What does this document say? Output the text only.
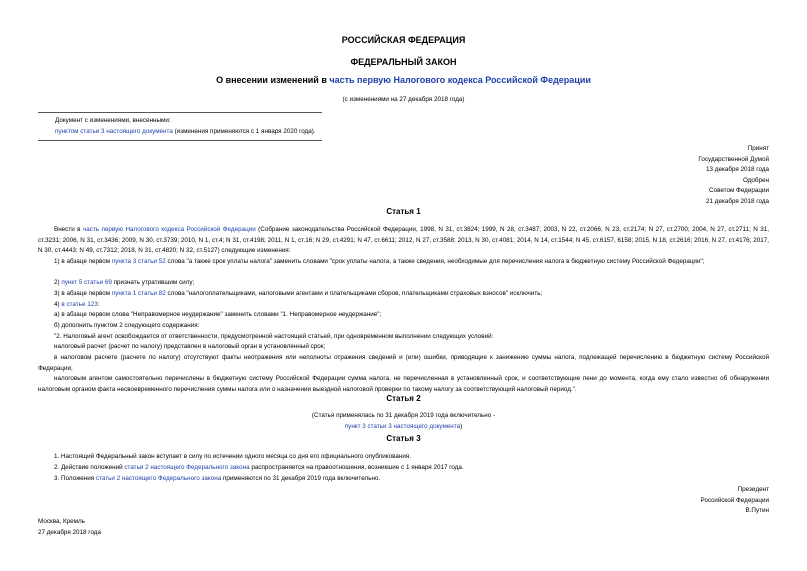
РОССИЙСКАЯ ФЕДЕРАЦИЯ
ФЕДЕРАЛЬНЫЙ ЗАКОН
О внесении изменений в часть первую Налогового кодекса Российской Федерации
(с изменениями на 27 декабря 2018 года)
Документ с изменениями, внесенными:
пунктом статьи 3 настоящего документа (изменения применяются с 1 января 2020 года).
Принят
Государственной Думой
13 декабря 2018 года
Одобрен
Советом Федерации
21 декабря 2018 года
Статья 1
Внести в часть первую Налогового кодекса Российской Федерации (Собрание законодательства Российской Федерации, 1998, N 31, ст.3824; 1999, N 28, ст.3487; 2003, N 22, ст.2066; N 23, ст.2174; N 27, ст.2700; 2004, N 27, ст.2711; N 31, ст.3231; 2006, N 31, ст.3436; 2009, N 30, ст.3739; 2010, N 1, ст.4; N 31, ст.4198; 2011, N 1, ст.16; N 29, ст.4291; N 47, ст.6611; 2012, N 27, ст.3588; 2013, N 30, ст.4081; 2014, N 14, ст.1544; N 45, ст.6157, 6158; 2015, N 18, ст.2616; 2016, N 27, ст.4176; 2017, N 30, ст.4443; N 49, ст.7312; 2018, N 31, ст.4820; N 32, ст.5127) следующие изменения:
1) в абзаце первом пункта 3 статьи 52 слова "а также срок уплаты налога" заменить словами "срок уплаты налога, а также сведения, необходимые для перечисления налога в бюджетную систему Российской Федерации";
2) пункт 5 статьи 69 признать утратившим силу;
3) в абзаце первом пункта 1 статьи 82 слова "налогоплательщиками, налоговыми агентами и плательщиками сборов, плательщиками страховых взносов" исключить;
4) в статье 123:
а) в абзаце первом слова "Неправомерное неудержание" заменить словами "1. Неправомерное неудержание";
б) дополнить пунктом 2 следующего содержания:
"2. Налоговый агент освобождается от ответственности, предусмотренной настоящей статьей, при одновременном выполнении следующих условий:
налоговый расчет (расчет по налогу) представлен в налоговый орган в установленный срок;
в налоговом расчете (расчете по налогу) отсутствуют факты неотражения или неполноты отражения сведений и (или) ошибки, приводящие к занижению суммы налога, подлежащей перечислению в бюджетную систему Российской Федерации;
налоговым агентом самостоятельно перечислены в бюджетную систему Российской Федерации сумма налога, не перечисленная в установленный срок, и соответствующие пени до момента, когда ему стало известно об обнаружении налоговым органом факта несвоевременного перечисления суммы налога или о назначении выездной налоговой проверки по такому налогу за соответствующий налоговый период.".
Статья 2
(Статья применялась по 31 декабря 2019 года включительно -
пункт 3 статьи 3 настоящего документа)
Статья 3
1. Настоящий Федеральный закон вступает в силу по истечении одного месяца со дня его официального опубликования.
2. Действие положений статьи 2 настоящего Федерального закона распространяется на правоотношения, возникшие с 1 января 2017 года.
3. Положения статьи 2 настоящего Федерального закона применяются по 31 декабря 2019 года включительно.
Президент
Российской Федерации
В.Путин
Москва, Кремль
27 декабря 2018 года
